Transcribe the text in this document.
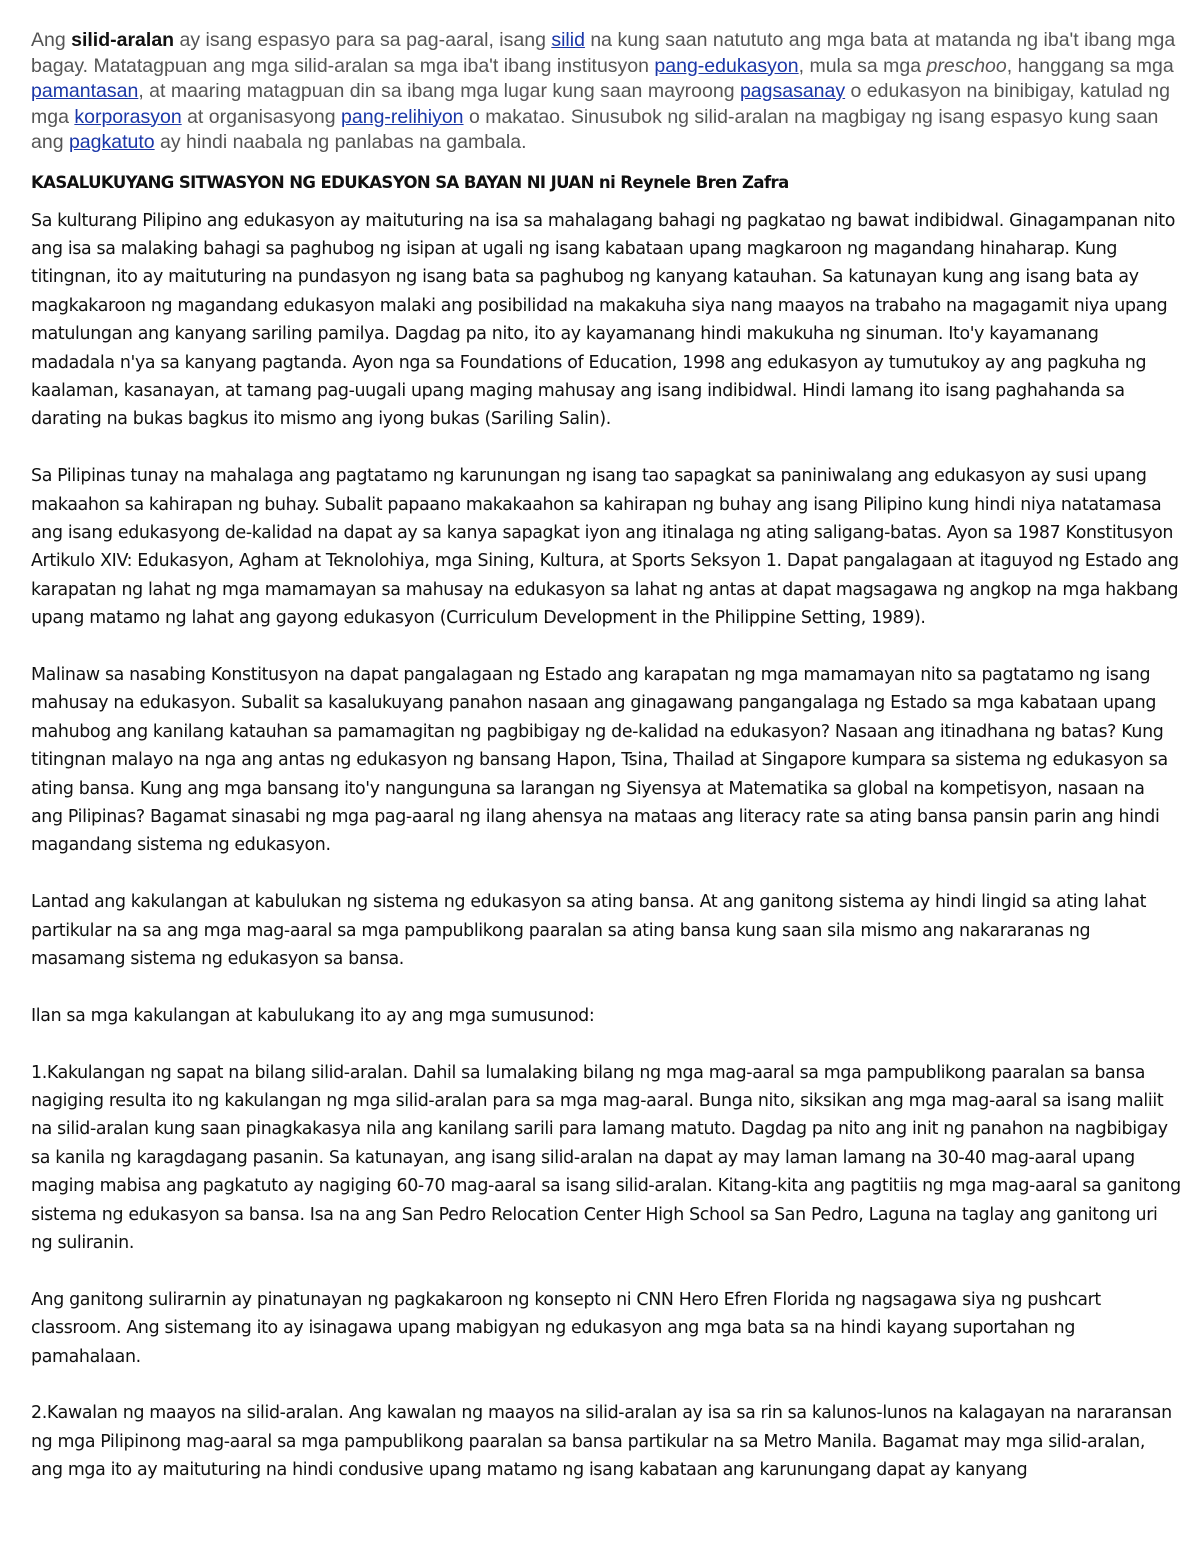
Ang silid-aralan ay isang espasyo para sa pag-aaral, isang silid na kung saan natututo ang mga bata at matanda ng iba't ibang mga bagay. Matatagpuan ang mga silid-aralan sa mga iba't ibang institusyon pang-edukasyon, mula sa mga preschoo, hanggang sa mga pamantasan, at maaring matagpuan din sa ibang mga lugar kung saan mayroong pagsasanay o edukasyon na binibigay, katulad ng mga korporasyon at organisasyong pang-relihiyon o makatao. Sinusubok ng silid-aralan na magbigay ng isang espasyo kung saan ang pagkatuto ay hindi naabala ng panlabas na gambala.

KASALUKUYANG SITWASYON NG EDUKASYON SA BAYAN NI JUAN ni Reynele Bren Zafra

Sa kulturang Pilipino ang edukasyon ay maituturing na isa sa mahalagang bahagi ng pagkatao ng bawat indibidwal. Ginagampanan nito ang isa sa malaking bahagi sa paghubog ng isipan at ugali ng isang kabataan upang magkaroon ng magandang hinaharap. Kung titingnan, ito ay maituturing na pundasyon ng isang bata sa paghubog ng kanyang katauhan. Sa katunayan kung ang isang bata ay magkakaroon ng magandang edukasyon malaki ang posibilidad na makakuha siya nang maayos na trabaho na magagamit niya upang matulungan ang kanyang sariling pamilya. Dagdag pa nito, ito ay kayamanang hindi makukuha ng sinuman. Ito'y kayamanang madadala n'ya sa kanyang pagtanda. Ayon nga sa Foundations of Education, 1998 ang edukasyon ay tumutukoy ay ang pagkuha ng kaalaman, kasanayan, at tamang pag-uugali upang maging mahusay ang isang indibidwal. Hindi lamang ito isang paghahanda sa darating na bukas bagkus ito mismo ang iyong bukas (Sariling Salin).

Sa Pilipinas tunay na mahalaga ang pagtatamo ng karunungan ng isang tao sapagkat sa paniniwalang ang edukasyon ay susi upang makaahon sa kahirapan ng buhay. Subalit papaano makakaahon sa kahirapan ng buhay ang isang Pilipino kung hindi niya natatamasa ang isang edukasyong de-kalidad na dapat ay sa kanya sapagkat iyon ang itinalaga ng ating saligang-batas. Ayon sa 1987 Konstitusyon Artikulo XIV: Edukasyon, Agham at Teknolohiya, mga Sining, Kultura, at Sports Seksyon 1. Dapat pangalagaan at itaguyod ng Estado ang karapatan ng lahat ng mga mamamayan sa mahusay na edukasyon sa lahat ng antas at dapat magsagawa ng angkop na mga hakbang upang matamo ng lahat ang gayong edukasyon (Curriculum Development in the Philippine Setting, 1989).

Malinaw sa nasabing Konstitusyon na dapat pangalagaan ng Estado ang karapatan ng mga mamamayan nito sa pagtatamo ng isang mahusay na edukasyon. Subalit sa kasalukuyang panahon nasaan ang ginagawang pangangalaga ng Estado sa mga kabataan upang mahubog ang kanilang katauhan sa pamamagitan ng pagbibigay ng de-kalidad na edukasyon? Nasaan ang itinadhana ng batas? Kung titingnan malayo na nga ang antas ng edukasyon ng bansang Hapon, Tsina, Thailad at Singapore kumpara sa sistema ng edukasyon sa ating bansa. Kung ang mga bansang ito'y nangunguna sa larangan ng Siyensya at Matematika sa global na kompetisyon, nasaan na ang Pilipinas? Bagamat sinasabi ng mga pag-aaral ng ilang ahensya na mataas ang literacy rate sa ating bansa pansin parin ang hindi magandang sistema ng edukasyon.

Lantad ang kakulangan at kabulukan ng sistema ng edukasyon sa ating bansa. At ang ganitong sistema ay hindi lingid sa ating lahat partikular na sa ang mga mag-aaral sa mga pampublikong paaralan sa ating bansa kung saan sila mismo ang nakararanas ng masamang sistema ng edukasyon sa bansa.

Ilan sa mga kakulangan at kabulukang ito ay ang mga sumusunod:

1.Kakulangan ng sapat na bilang silid-aralan. Dahil sa lumalaking bilang ng mga mag-aaral sa mga pampublikong paaralan sa bansa nagiging resulta ito ng kakulangan ng mga silid-aralan para sa mga mag-aaral. Bunga nito, siksikan ang mga mag-aaral sa isang maliit na silid-aralan kung saan pinagkakasya nila ang kanilang sarili para lamang matuto. Dagdag pa nito ang init ng panahon na nagbibigay sa kanila ng karagdagang pasanin. Sa katunayan, ang isang silid-aralan na dapat ay may laman lamang na 30-40 mag-aaral upang maging mabisa ang pagkatuto ay nagiging 60-70 mag-aaral sa isang silid-aralan. Kitang-kita ang pagtitiis ng mga mag-aaral sa ganitong sistema ng edukasyon sa bansa. Isa na ang San Pedro Relocation Center High School sa San Pedro, Laguna na taglay ang ganitong uri ng suliranin.

Ang ganitong sulirarnin ay pinatunayan ng pagkakaroon ng konsepto ni CNN Hero Efren Florida ng nagsagawa siya ng pushcart classroom. Ang sistemang ito ay isinagawa upang mabigyan ng edukasyon ang mga bata sa na hindi kayang suportahan ng pamahalaan.

2.Kawalan ng maayos na silid-aralan. Ang kawalan ng maayos na silid-aralan ay isa sa rin sa kalunos-lunos na kalagayan na nararansan ng mga Pilipinong mag-aaral sa mga pampublikong paaralan sa bansa partikular na sa Metro Manila. Bagamat may mga silid-aralan, ang mga ito ay maituturing na hindi condusive upang matamo ng isang kabataan ang karunungang dapat ay kanyang
